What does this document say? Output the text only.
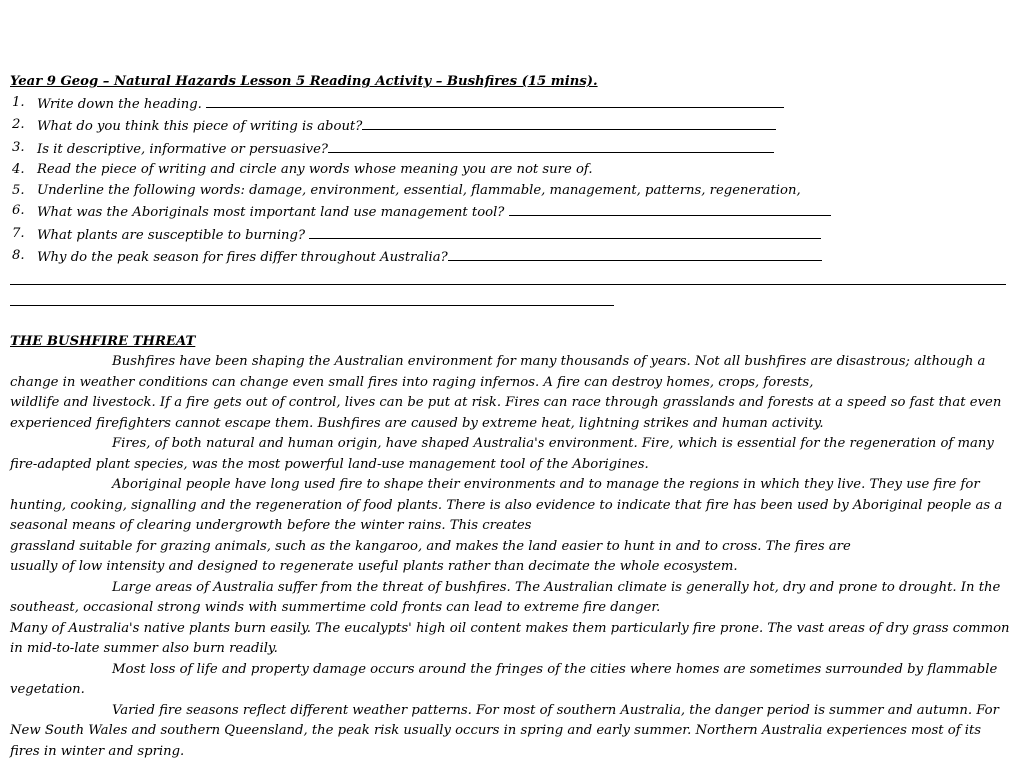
Year 9 Geog – Natural Hazards Lesson 5 Reading Activity – Bushfires (15 mins).
1. Write down the heading.
2. What do you think this piece of writing is about?
3. Is it descriptive, informative or persuasive?
4. Read the piece of writing and circle any words whose meaning you are not sure of.
5. Underline the following words: damage, environment, essential, flammable, management, patterns, regeneration,
6. What was the Aboriginals most important land use management tool?
7. What plants are susceptible to burning?
8. Why do the peak season for fires differ throughout Australia?
THE BUSHFIRE THREAT

Bushfires have been shaping the Australian environment for many thousands of years. Not all bushfires are disastrous; although a change in weather conditions can change even small fires into raging infernos. A fire can destroy homes, crops, forests,

wildlife and livestock. If a fire gets out of control, lives can be put at risk. Fires can race through grasslands and forests at a speed so fast that even experienced firefighters cannot escape them. Bushfires are caused by extreme heat, lightning strikes and human activity.

Fires, of both natural and human origin, have shaped Australia's environment. Fire, which is essential for the regeneration of many fire-adapted plant species, was the most powerful land-use management tool of the Aborigines.

Aboriginal people have long used fire to shape their environments and to manage the regions in which they live. They use fire for hunting, cooking, signalling and the regeneration of food plants. There is also evidence to indicate that fire has been used by Aboriginal people as a seasonal means of clearing undergrowth before the winter rains. This creates

grassland suitable for grazing animals, such as the kangaroo, and makes the land easier to hunt in and to cross. The fires are

usually of low intensity and designed to regenerate useful plants rather than decimate the whole ecosystem.

Large areas of Australia suffer from the threat of bushfires. The Australian climate is generally hot, dry and prone to drought. In the southeast, occasional strong winds with summertime cold fronts can lead to extreme fire danger.

Many of Australia's native plants burn easily. The eucalypts' high oil content makes them particularly fire prone. The vast areas of dry grass common in mid-to-late summer also burn readily.

Most loss of life and property damage occurs around the fringes of the cities where homes are sometimes surrounded by flammable vegetation.

Varied fire seasons reflect different weather patterns. For most of southern Australia, the danger period is summer and autumn. For New South Wales and southern Queensland, the peak risk usually occurs in spring and early summer. Northern Australia experiences most of its fires in winter and spring.
